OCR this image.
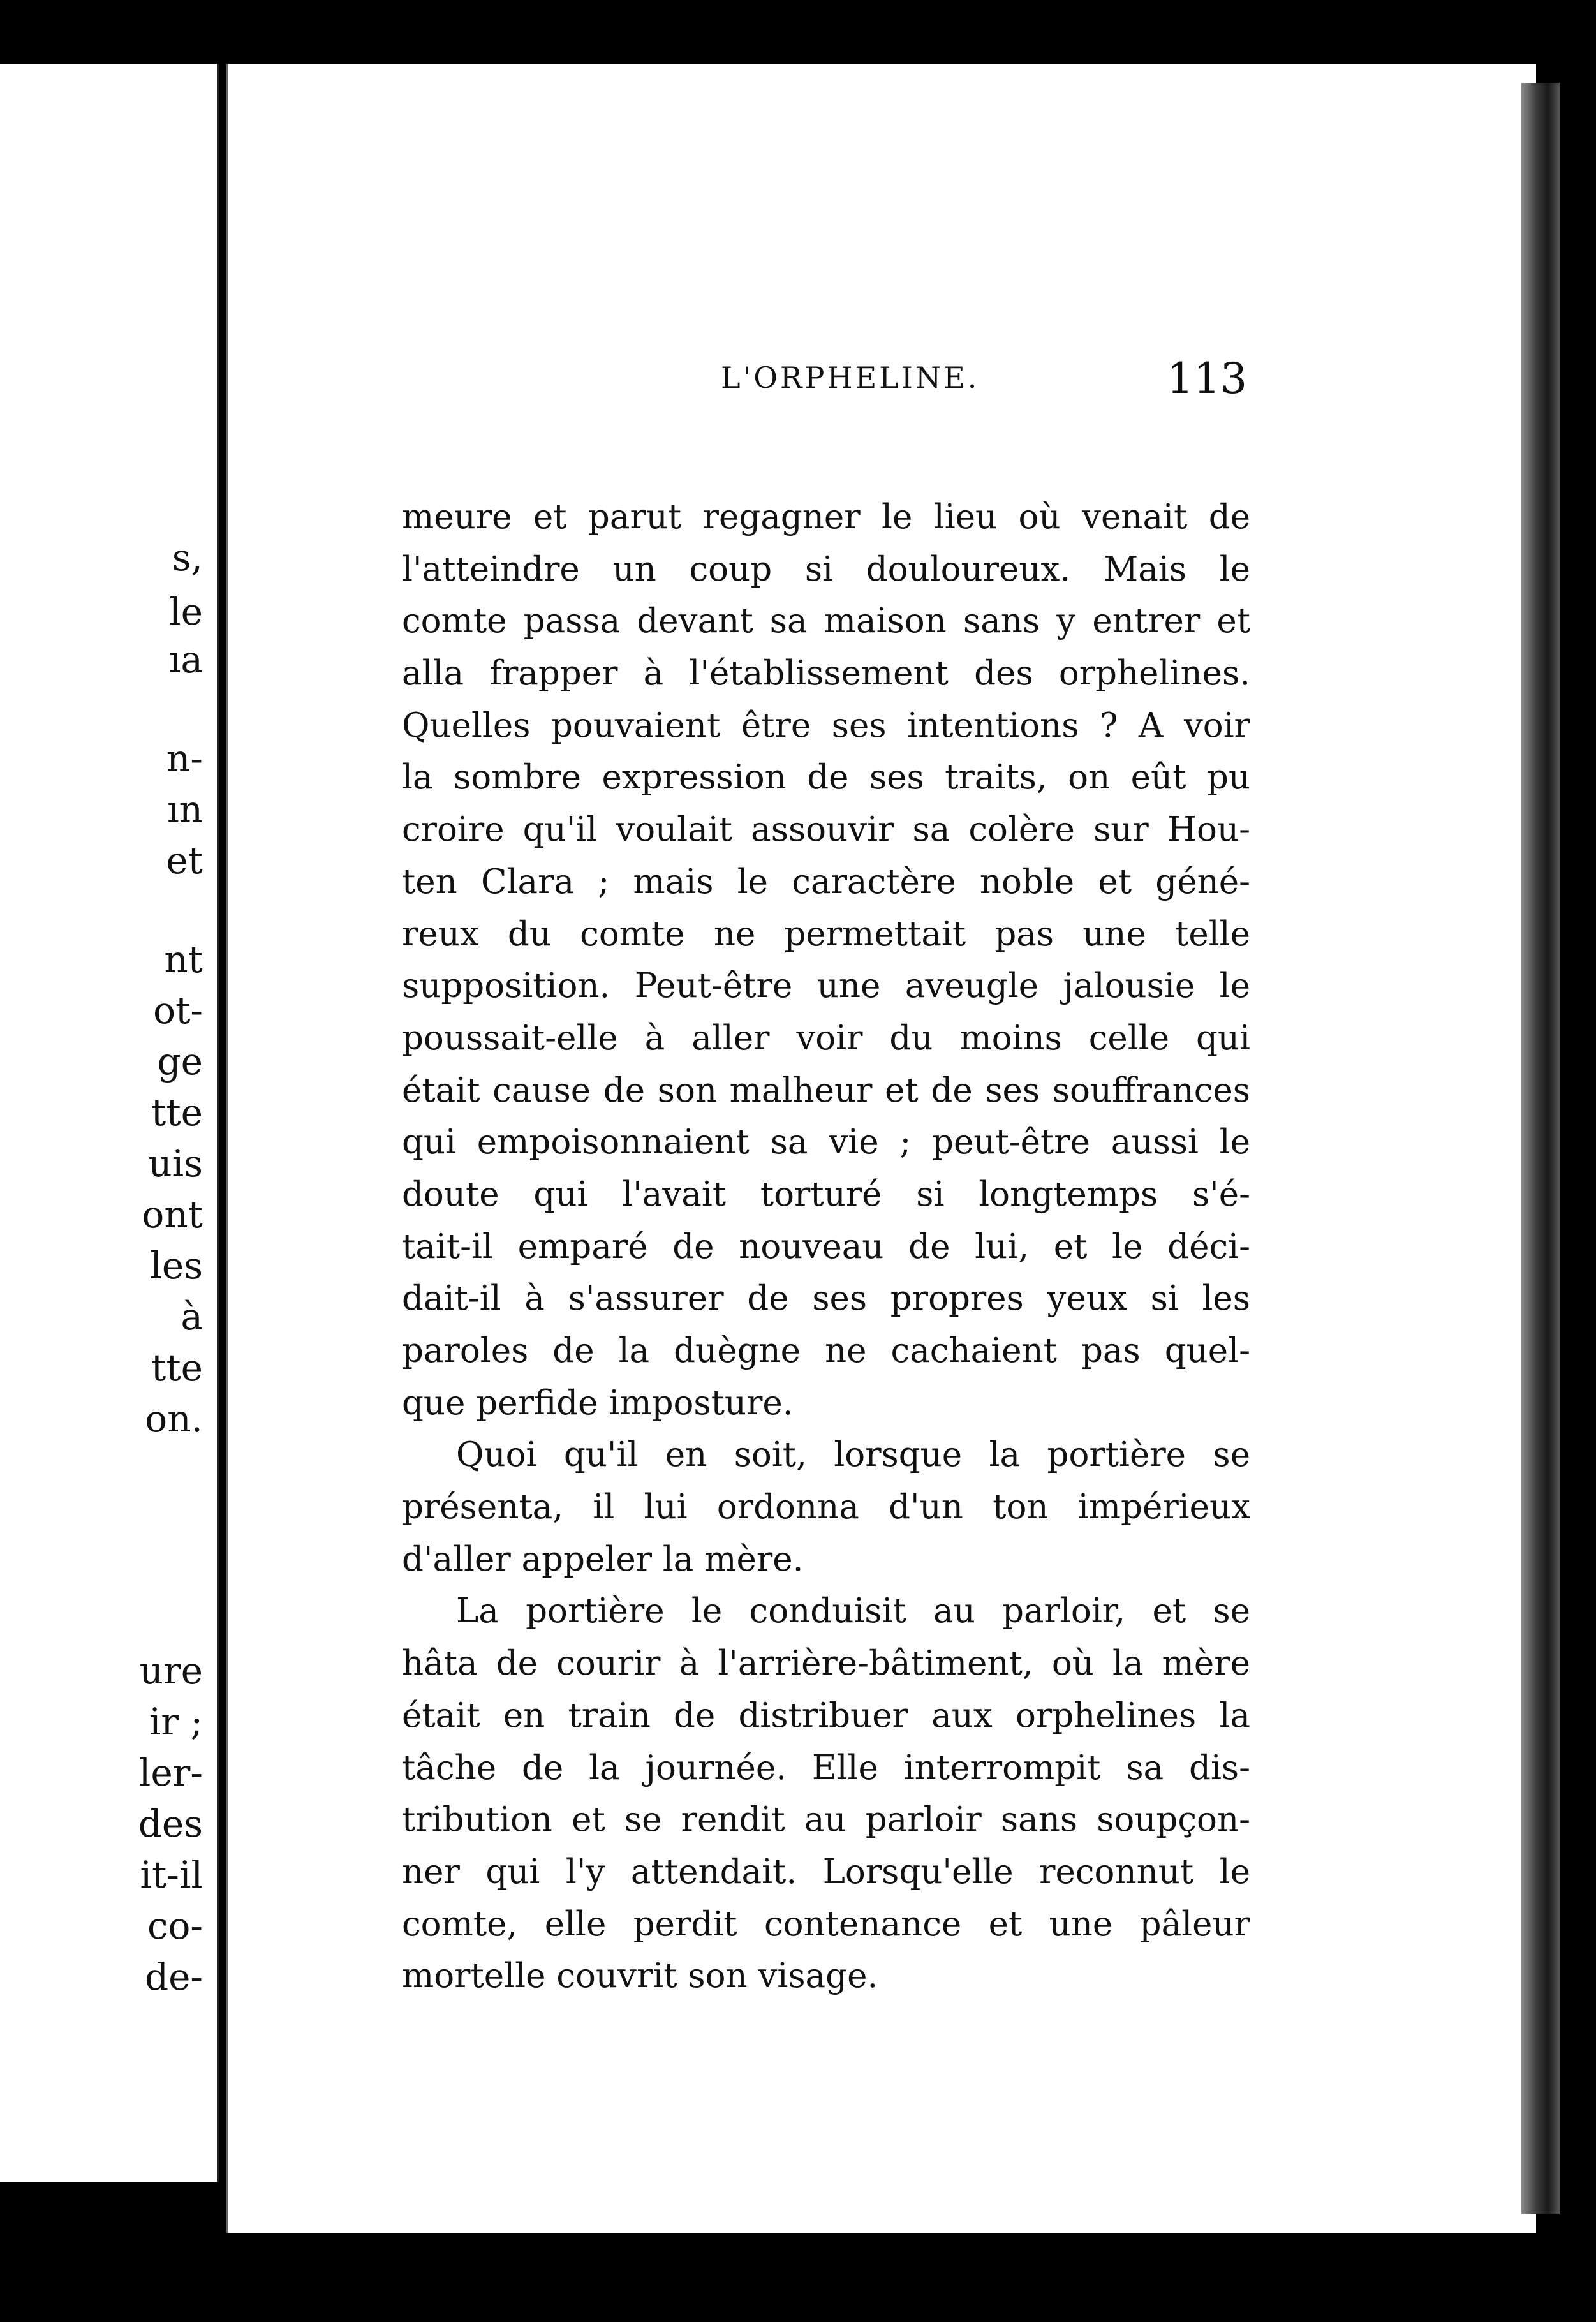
s,

le

ıa

n-

ın

et

nt

ot-

ge

tte

uis

ont

les

à

tte

on.

ure

ir ;

ler-

des

it-il

co-

de-

L'ORPHELINE.	113
meure et parut regagner le lieu où venait de
l'atteindre un coup si douloureux. Mais le
comte passa devant sa maison sans y entrer et
alla frapper à l'établissement des orphelines.
Quelles pouvaient être ses intentions ? A voir
la sombre expression de ses traits, on eût pu
croire qu'il voulait assouvir sa colère sur Hou-
ten Clara ; mais le caractère noble et géné-
reux du comte ne permettait pas une telle
supposition. Peut-être une aveugle jalousie le
poussait-elle à aller voir du moins celle qui
était cause de son malheur et de ses souffrances
qui empoisonnaient sa vie ; peut-être aussi le
doute qui l'avait torturé si longtemps s'é-
tait-il emparé de nouveau de lui, et le déci-
dait-il à s'assurer de ses propres yeux si les
paroles de la duègne ne cachaient pas quel-
que perfide imposture.
Quoi qu'il en soit, lorsque la portière se
présenta, il lui ordonna d'un ton impérieux
d'aller appeler la mère.
La portière le conduisit au parloir, et se
hâta de courir à l'arrière-bâtiment, où la mère
était en train de distribuer aux orphelines la
tâche de la journée. Elle interrompit sa dis-
tribution et se rendit au parloir sans soupçon-
ner qui l'y attendait. Lorsqu'elle reconnut le
comte, elle perdit contenance et une pâleur
mortelle couvrit son visage.
